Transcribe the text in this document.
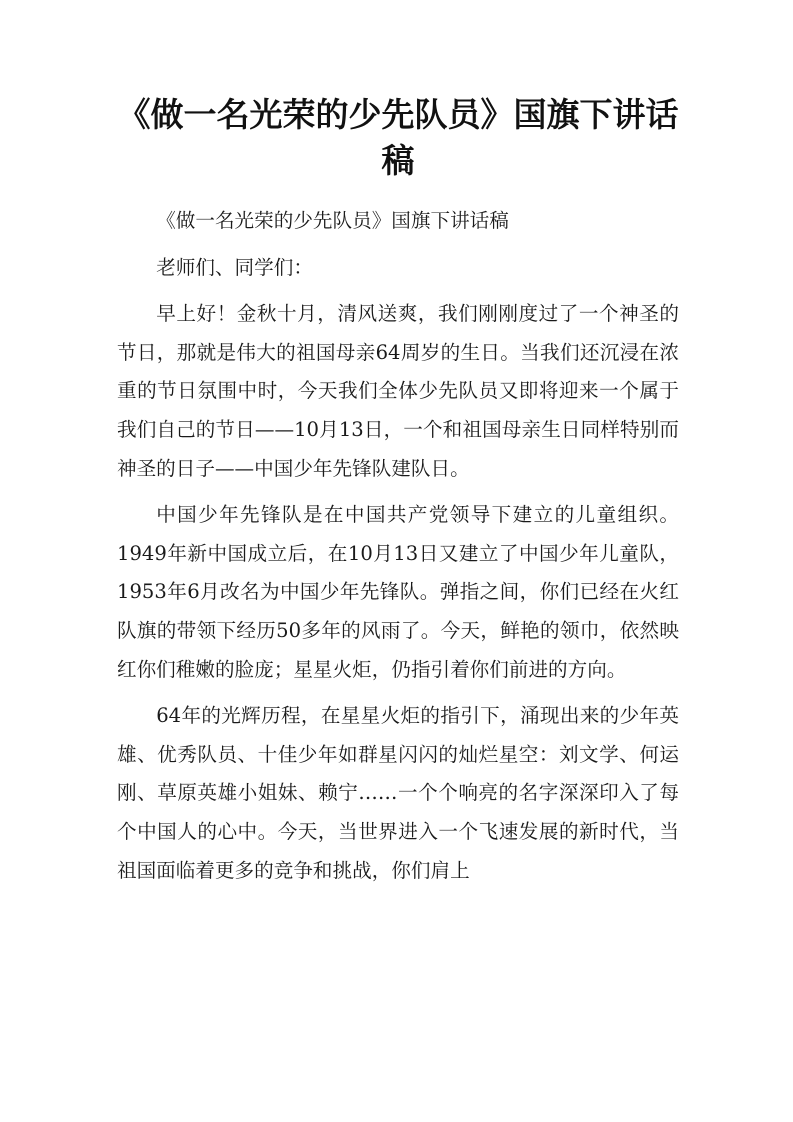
《做一名光荣的少先队员》国旗下讲话稿

《做一名光荣的少先队员》国旗下讲话稿

老师们、同学们：

早上好！金秋十月，清风送爽，我们刚刚度过了一个神圣的节日，那就是伟大的祖国母亲64周岁的生日。当我们还沉浸在浓重的节日氛围中时，今天我们全体少先队员又即将迎来一个属于我们自己的节日——10月13日，一个和祖国母亲生日同样特别而神圣的日子——中国少年先锋队建队日。

中国少年先锋队是在中国共产党领导下建立的儿童组织。1949年新中国成立后，在10月13日又建立了中国少年儿童队，1953年6月改名为中国少年先锋队。弹指之间，你们已经在火红队旗的带领下经历50多年的风雨了。今天，鲜艳的领巾，依然映红你们稚嫩的脸庞；星星火炬，仍指引着你们前进的方向。

64年的光辉历程，在星星火炬的指引下，涌现出来的少年英雄、优秀队员、十佳少年如群星闪闪的灿烂星空：刘文学、何运刚、草原英雄小姐妹、赖宁……一个个响亮的名字深深印入了每个中国人的心中。今天，当世界进入一个飞速发展的新时代，当祖国面临着更多的竞争和挑战，你们肩上
